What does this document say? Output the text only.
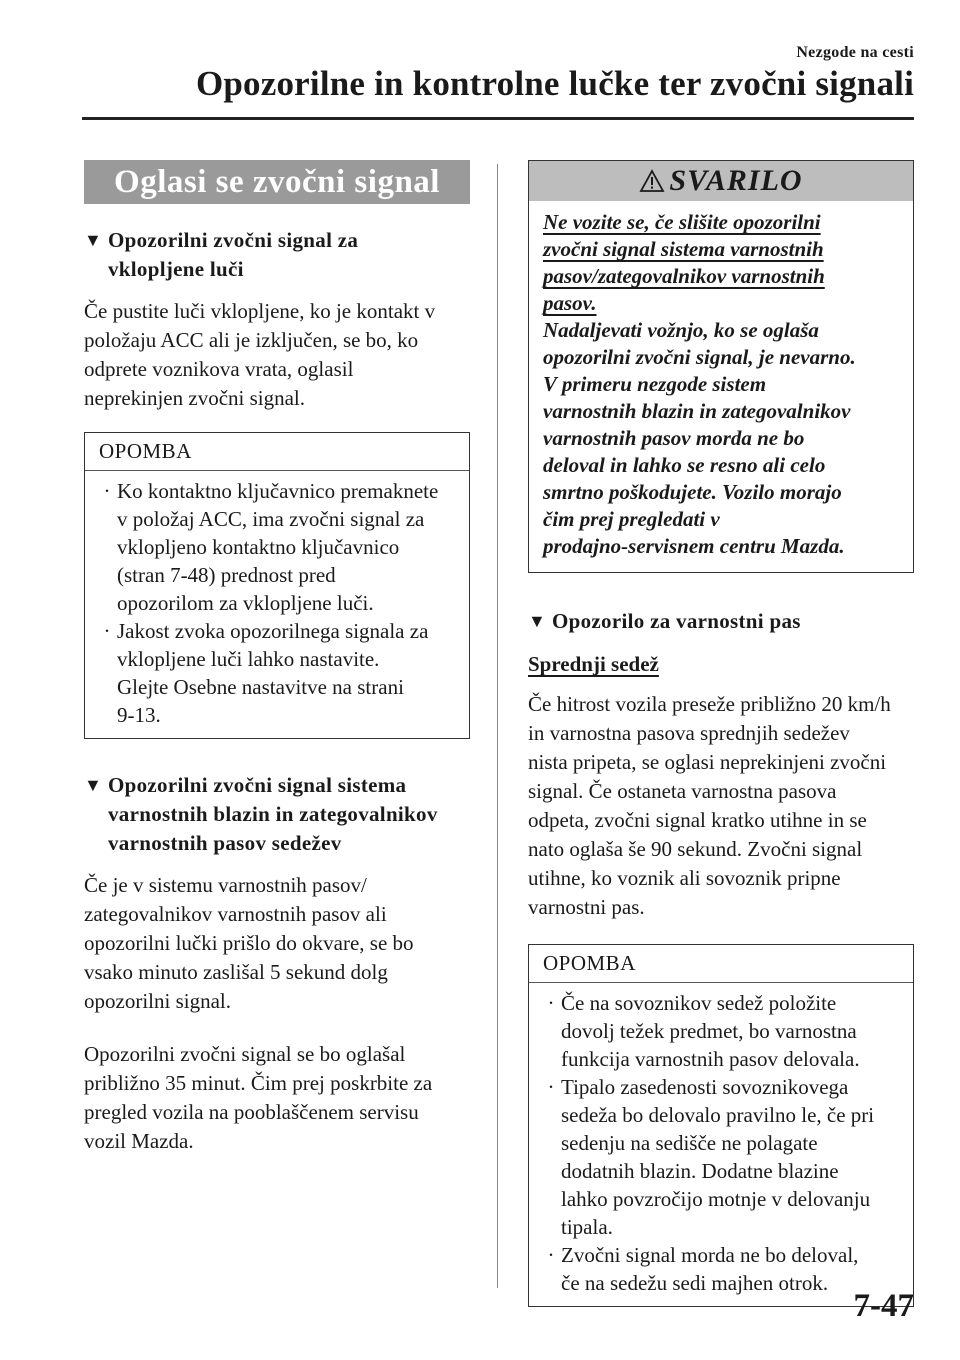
Nezgode na cesti
Opozorilne in kontrolne lučke ter zvočni signali
Oglasi se zvočni signal
▼ Opozorilni zvočni signal za
vklopljene luči
Če pustite luči vklopljene, ko je kontakt v
položaju ACC ali je izključen, se bo, ko
odprete voznikova vrata, oglasil
neprekinjen zvočni signal.
OPOMBA
· Ko kontaktno ključavnico premaknete
v položaj ACC, ima zvočni signal za
vklopljeno kontaktno ključavnico
(stran 7-48) prednost pred
opozorilom za vklopljene luči.
· Jakost zvoka opozorilnega signala za
vklopljene luči lahko nastavite.
Glejte Osebne nastavitve na strani
9-13.
▼ Opozorilni zvočni signal sistema
varnostnih blazin in zategovalnikov
varnostnih pasov sedežev
Če je v sistemu varnostnih pasov/
zategovalnikov varnostnih pasov ali
opozorilni lučki prišlo do okvare, se bo
vsako minuto zaslišal 5 sekund dolg
opozorilni signal.
Opozorilni zvočni signal se bo oglašal
približno 35 minut. Čim prej poskrbite za
pregled vozila na pooblaščenem servisu
vozil Mazda.
SVARILO
Ne vozite se, če slišite opozorilni
zvočni signal sistema varnostnih
pasov/zategovalnikov varnostnih
pasov.
Nadaljevati vožnjo, ko se oglaša
opozorilni zvočni signal, je nevarno.
V primeru nezgode sistem
varnostnih blazin in zategovalnikov
varnostnih pasov morda ne bo
deloval in lahko se resno ali celo
smrtno poškodujete. Vozilo morajo
čim prej pregledati v
prodajno-servisnem centru Mazda.
▼ Opozorilo za varnostni pas
Sprednji sedež
Če hitrost vozila preseže približno 20 km/h
in varnostna pasova sprednjih sedežev
nista pripeta, se oglasi neprekinjeni zvočni
signal. Če ostaneta varnostna pasova
odpeta, zvočni signal kratko utihne in se
nato oglaša še 90 sekund. Zvočni signal
utihne, ko voznik ali sovoznik pripne
varnostni pas.
OPOMBA
· Če na sovoznikov sedež položite
dovolj težek predmet, bo varnostna
funkcija varnostnih pasov delovala.
· Tipalo zasedenosti sovoznikovega
sedeža bo delovalo pravilno le, če pri
sedenju na sedišče ne polagate
dodatnih blazin. Dodatne blazine
lahko povzročijo motnje v delovanju
tipala.
· Zvočni signal morda ne bo deloval,
če na sedežu sedi majhen otrok.
7-47
